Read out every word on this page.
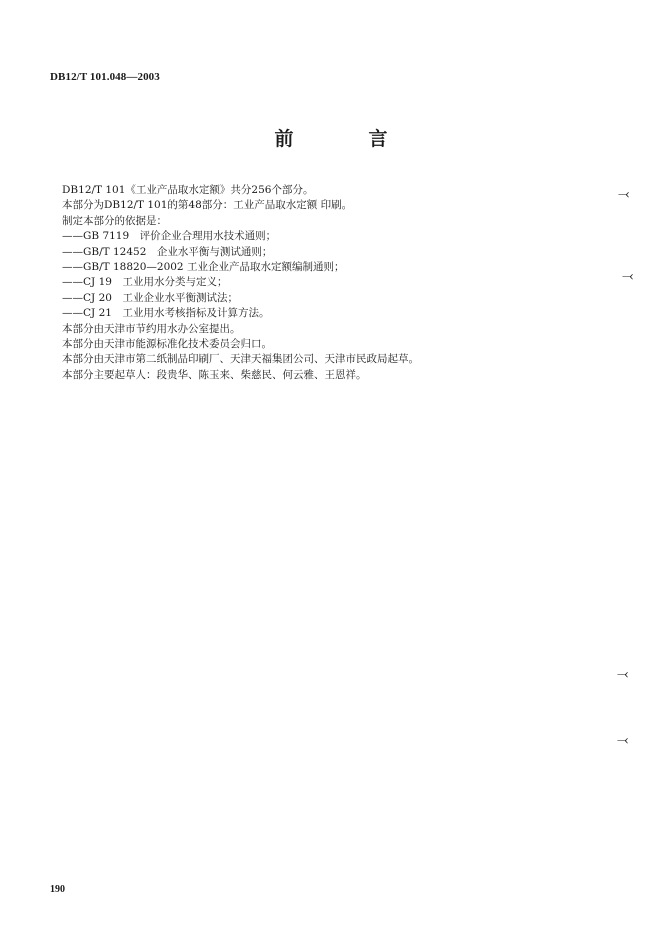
DB12/T 101.048—2003
前　言
DB12/T 101《工业产品取水定额》共分256个部分。
本部分为DB12/T 101的第48部分：工业产品取水定额 印刷。
制定本部分的依据是：
——GB 7119　评价企业合理用水技术通则；
——GB/T 12452　企业水平衡与测试通则；
——GB/T 18820—2002 工业企业产品取水定额编制通则；
——CJ 19　工业用水分类与定义；
——CJ 20　工业企业水平衡测试法；
——CJ 21　工业用水考核指标及计算方法。
本部分由天津市节约用水办公室提出。
本部分由天津市能源标准化技术委员会归口。
本部分由天津市第二纸制品印刷厂、天津天福集团公司、天津市民政局起草。
本部分主要起草人：段贵华、陈玉来、柴慈民、何云雅、王恩祥。
⤙
⤙
⤙
⤙
190
